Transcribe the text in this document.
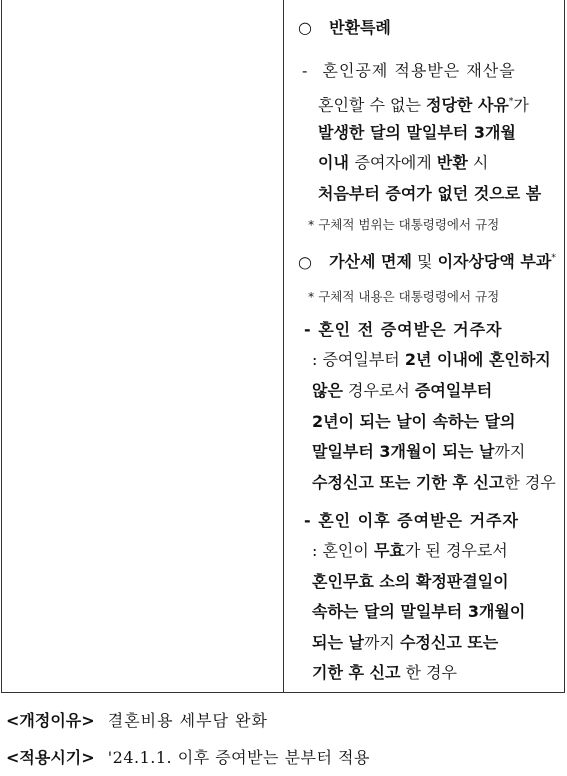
○ 반환특례
- 혼인공제 적용받은 재산을
혼인할 수 없는 정당한 사유*가
발생한 달의 말일부터 3개월
이내 증여자에게 반환 시
처음부터 증여가 없던 것으로 봄
* 구체적 범위는 대통령령에서 규정
○ 가산세 면제 및 이자상당액 부과*
* 구체적 내용은 대통령령에서 규정
- 혼인 전 증여받은 거주자
: 증여일부터 2년 이내에 혼인하지
않은 경우로서 증여일부터
2년이 되는 날이 속하는 달의
말일부터 3개월이 되는 날까지
수정신고 또는 기한 후 신고한 경우
- 혼인 이후 증여받은 거주자
: 혼인이 무효가 된 경우로서
혼인무효 소의 확정판결일이
속하는 달의 말일부터 3개월이
되는 날까지 수정신고 또는
기한 후 신고 한 경우
<개정이유> 결혼비용 세부담 완화
<적용시기> '24.1.1. 이후 증여받는 분부터 적용
